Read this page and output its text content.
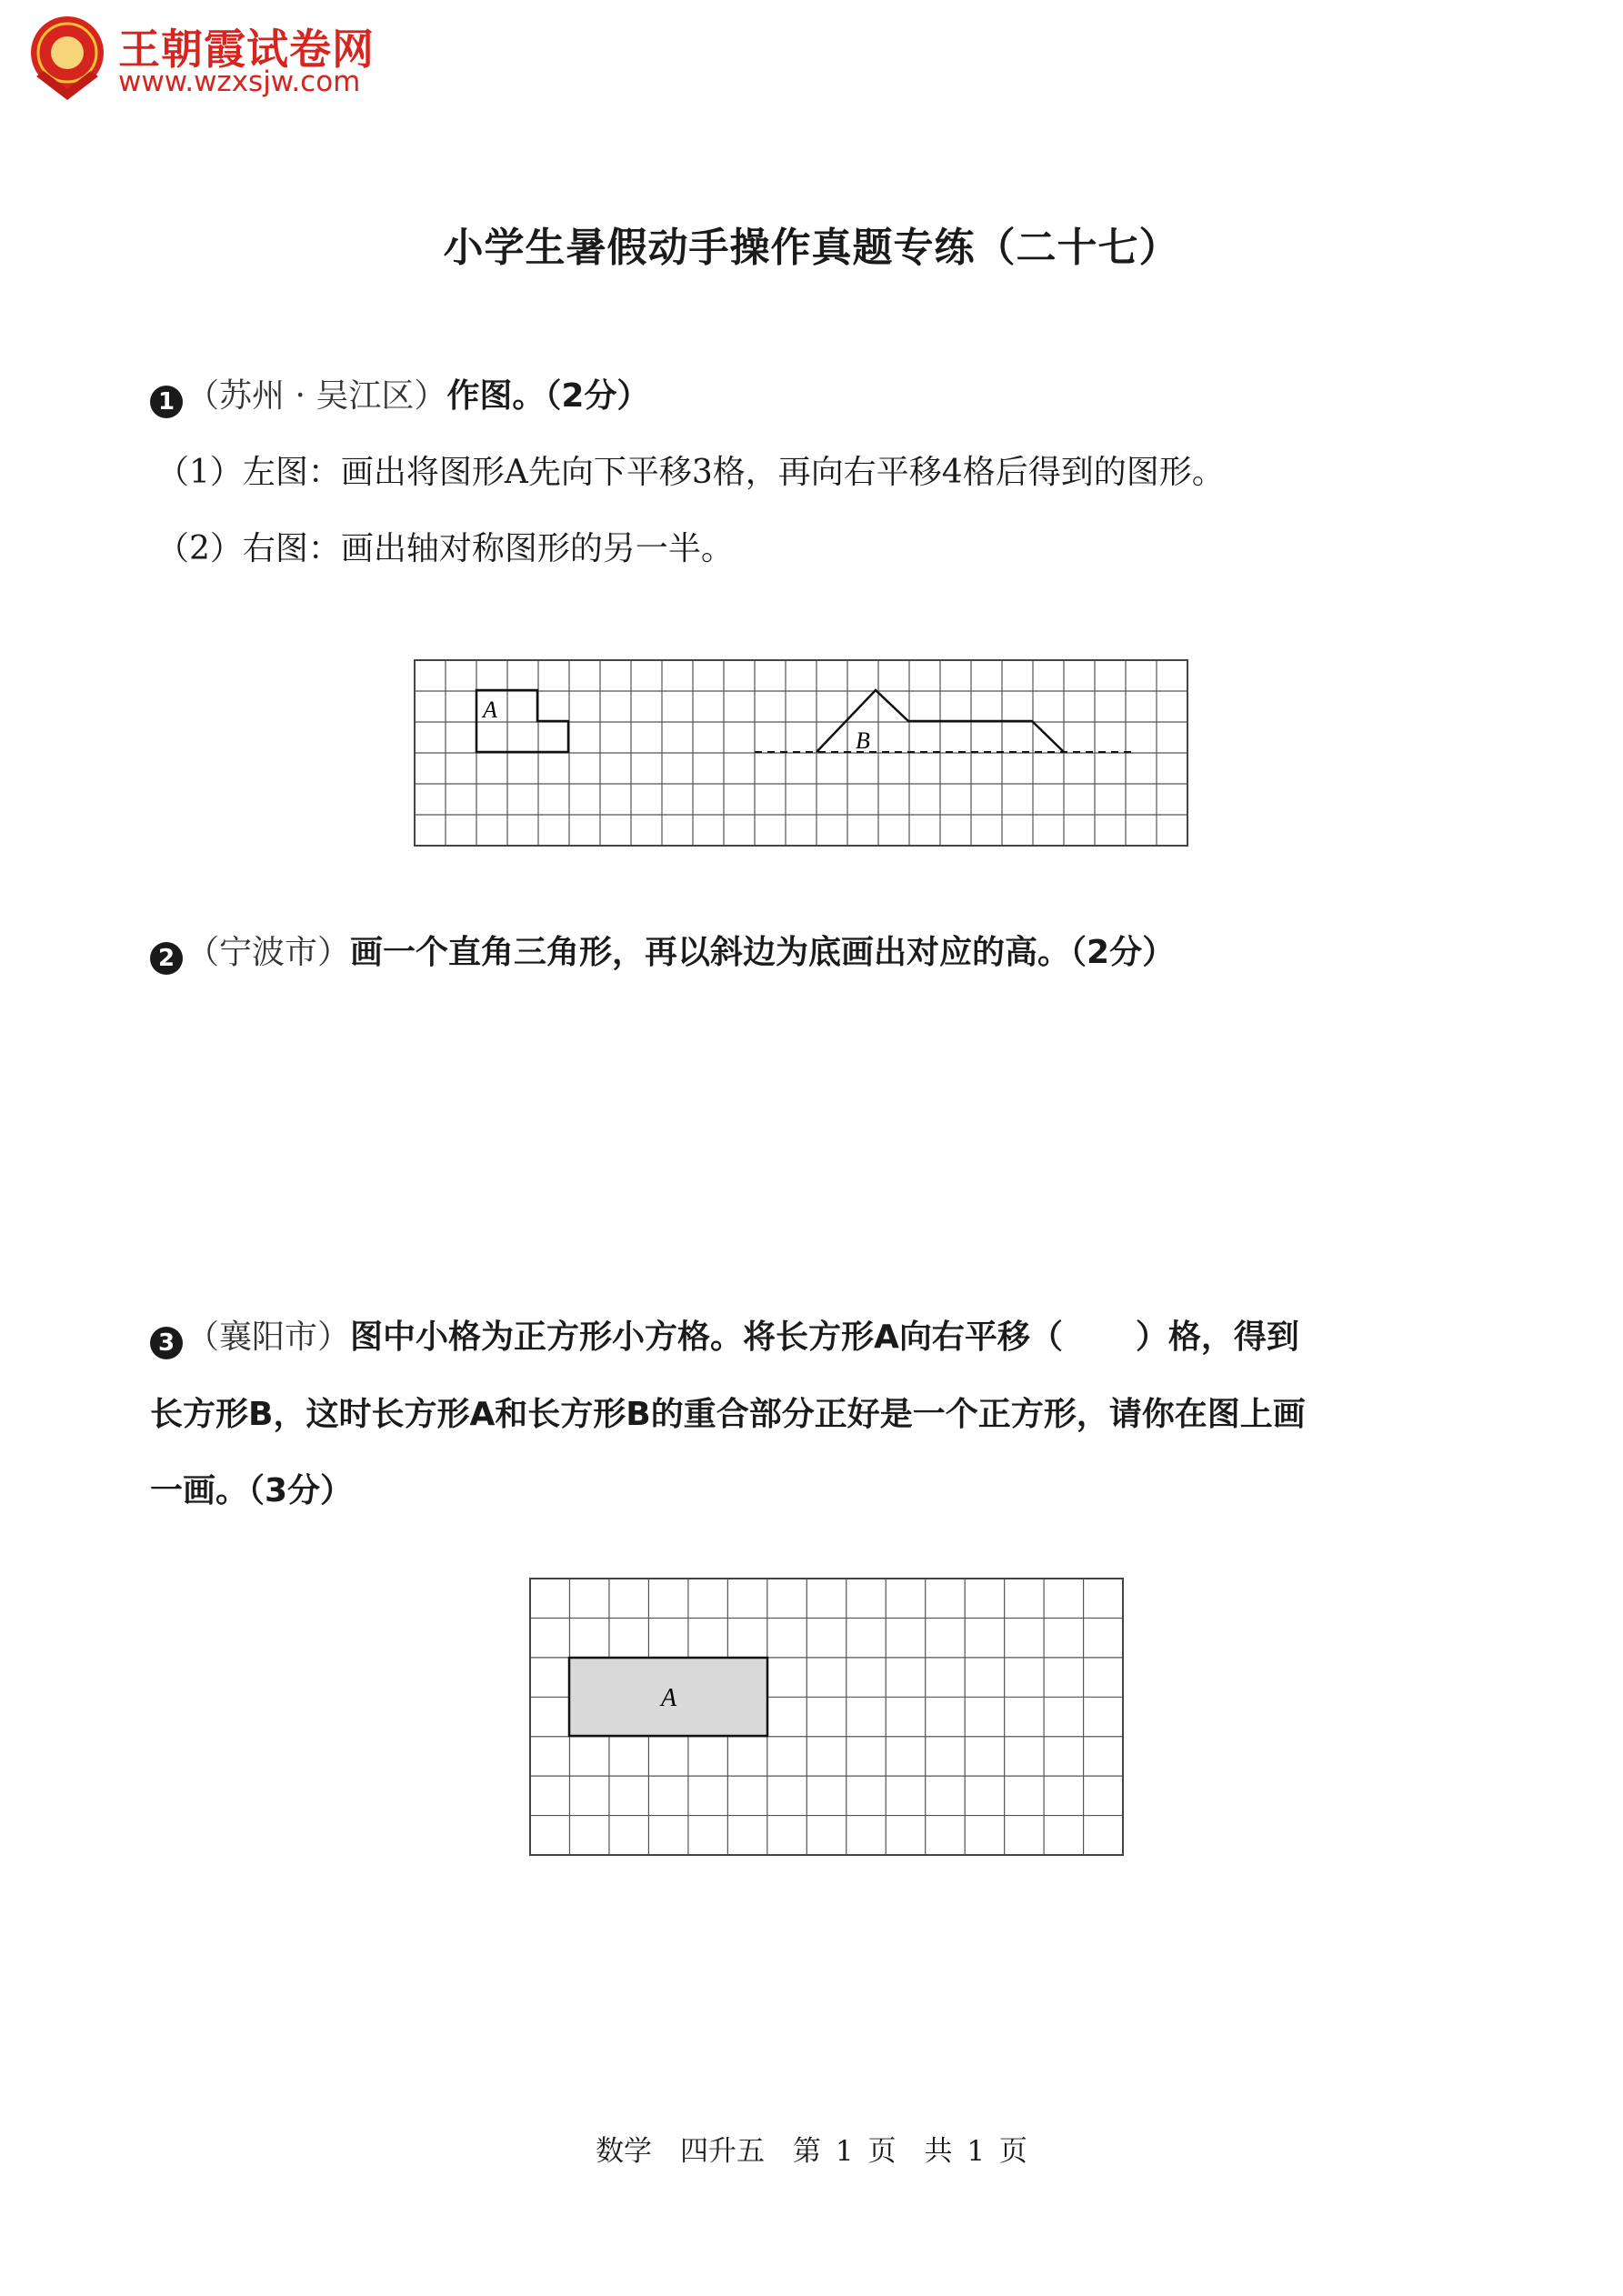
王朝霞试卷网
www.wzxsjw.com
小学生暑假动手操作真题专练（二十七）
1 （苏州 · 吴江区）作图。（2分）
（1）左图：画出将图形A先向下平移3格，再向右平移4格后得到的图形。
（2）右图：画出轴对称图形的另一半。
A
B
2 （宁波市）画一个直角三角形，再以斜边为底画出对应的高。（2分）
3 （襄阳市）图中小格为正方形小方格。将长方形A向右平移（ ）格，得到
长方形B，这时长方形A和长方形B的重合部分正好是一个正方形，请你在图上画
一画。（3分）
A
数学　四升五　第 1 页　共 1 页
